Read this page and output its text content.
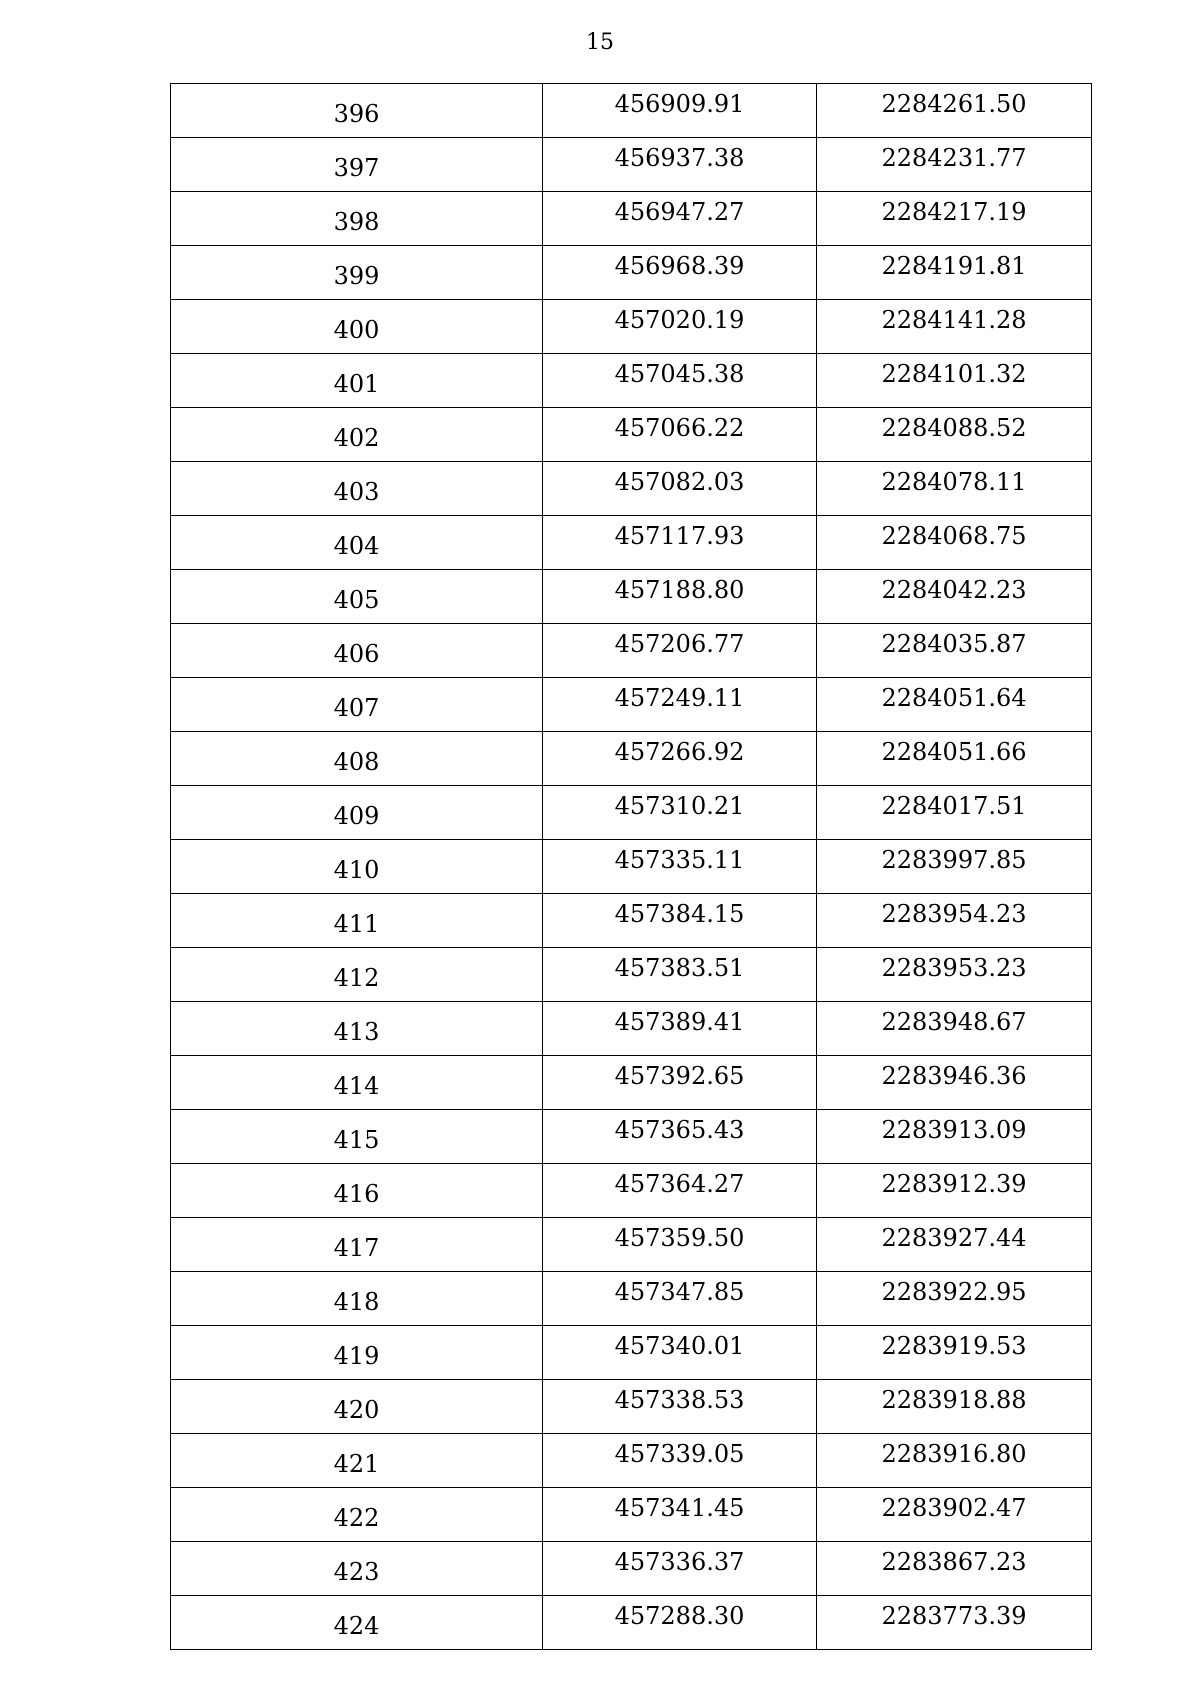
15
396	456909.91	2284261.50
397	456937.38	2284231.77
398	456947.27	2284217.19
399	456968.39	2284191.81
400	457020.19	2284141.28
401	457045.38	2284101.32
402	457066.22	2284088.52
403	457082.03	2284078.11
404	457117.93	2284068.75
405	457188.80	2284042.23
406	457206.77	2284035.87
407	457249.11	2284051.64
408	457266.92	2284051.66
409	457310.21	2284017.51
410	457335.11	2283997.85
411	457384.15	2283954.23
412	457383.51	2283953.23
413	457389.41	2283948.67
414	457392.65	2283946.36
415	457365.43	2283913.09
416	457364.27	2283912.39
417	457359.50	2283927.44
418	457347.85	2283922.95
419	457340.01	2283919.53
420	457338.53	2283918.88
421	457339.05	2283916.80
422	457341.45	2283902.47
423	457336.37	2283867.23
424	457288.30	2283773.39
